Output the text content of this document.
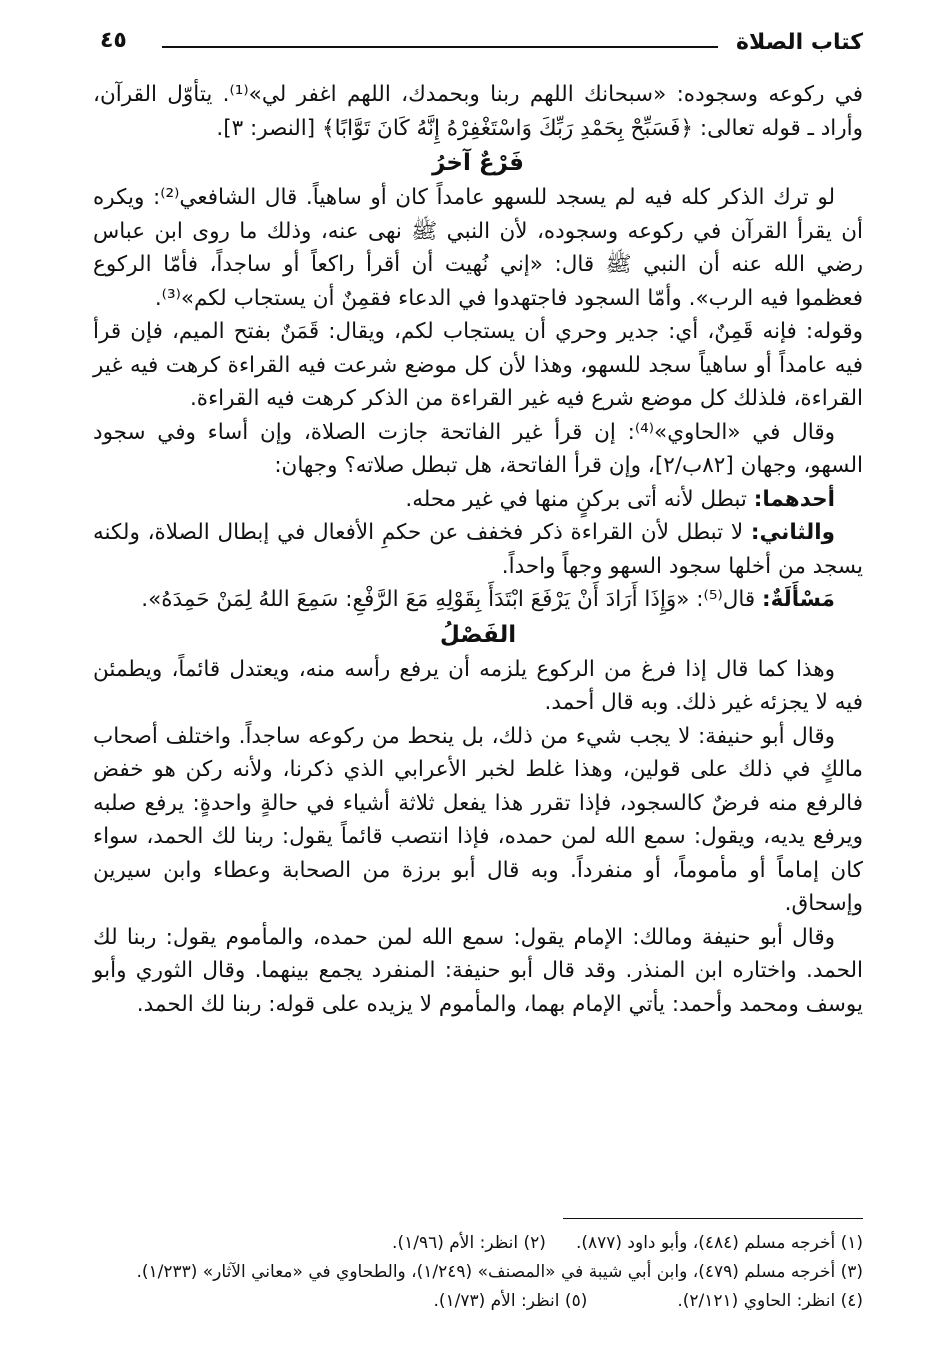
كتاب الصلاة
٤٥

في ركوعه وسجوده: «سبحانك اللهم ربنا وبحمدك، اللهم اغفر لي»⁽¹⁾. يتأوّل القرآن، وأراد ـ قوله تعالى: ﴿فَسَبِّحْ بِحَمْدِ رَبِّكَ وَاسْتَغْفِرْهُ إِنَّهُ كَانَ تَوَّابًا﴾ [النصر: ٣].

فَرْعٌ آخرُ

لو ترك الذكر كله فيه لم يسجد للسهو عامداً كان أو ساهياً. قال الشافعي⁽²⁾: ويكره أن يقرأ القرآن في ركوعه وسجوده، لأن النبي ﷺ نهى عنه، وذلك ما روى ابن عباس رضي الله عنه أن النبي ﷺ قال: «إني نُهيت أن أقرأ راكعاً أو ساجداً، فأمّا الركوع فعظموا فيه الرب». وأمّا السجود فاجتهدوا في الدعاء فقمِنٌ أن يستجاب لكم»⁽³⁾.

وقوله: فإنه قَمِنٌ، أي: جدير وحري أن يستجاب لكم، ويقال: قَمَنٌ بفتح الميم، فإن قرأ فيه عامداً أو ساهياً سجد للسهو، وهذا لأن كل موضع شرعت فيه القراءة كرهت فيه غير القراءة، فلذلك كل موضع شرع فيه غير القراءة من الذكر كرهت فيه القراءة.

وقال في «الحاوي»⁽⁴⁾: إن قرأ غير الفاتحة جازت الصلاة، وإن أساء وفي سجود السهو، وجهان [٨٢ب/٢]، وإن قرأ الفاتحة، هل تبطل صلاته؟ وجهان:

أحدهما: تبطل لأنه أتى بركنٍ منها في غير محله.

والثاني: لا تبطل لأن القراءة ذكر فخفف عن حكمِ الأفعال في إبطال الصلاة، ولكنه يسجد من أخلها سجود السهو وجهاً واحداً.

مَسْأَلَةٌ: قال⁽⁵⁾: «وَإِذَا أَرَادَ أَنْ يَرْفَعَ ابْتَدَأَ بِقَوْلِهِ مَعَ الرَّفْعِ: سَمِعَ اللهُ لِمَنْ حَمِدَهُ».

الفَصْلُ

وهذا كما قال إذا فرغ من الركوع يلزمه أن يرفع رأسه منه، ويعتدل قائماً، ويطمئن فيه لا يجزئه غير ذلك. وبه قال أحمد.

وقال أبو حنيفة: لا يجب شيء من ذلك، بل ينحط من ركوعه ساجداً. واختلف أصحاب مالكٍ في ذلك على قولين، وهذا غلط لخبر الأعرابي الذي ذكرنا، ولأنه ركن هو خفض فالرفع منه فرضٌ كالسجود، فإذا تقرر هذا يفعل ثلاثة أشياء في حالةٍ واحدةٍ: يرفع صلبه ويرفع يديه، ويقول: سمع الله لمن حمده، فإذا انتصب قائماً يقول: ربنا لك الحمد، سواء كان إماماً أو مأموماً، أو منفرداً. وبه قال أبو برزة من الصحابة وعطاء وابن سيرين وإسحاق.

وقال أبو حنيفة ومالك: الإمام يقول: سمع الله لمن حمده، والمأموم يقول: ربنا لك الحمد. واختاره ابن المنذر. وقد قال أبو حنيفة: المنفرد يجمع بينهما. وقال الثوري وأبو يوسف ومحمد وأحمد: يأتي الإمام بهما، والمأموم لا يزيده على قوله: ربنا لك الحمد.

(١) أخرجه مسلم (٤٨٤)، وأبو داود (٨٧٧).(٢) انظر: الأم (١/٩٦).
(٣) أخرجه مسلم (٤٧٩)، وابن أبي شيبة في «المصنف» (١/٢٤٩)، والطحاوي في «معاني الآثار» (١/٢٣٣).
(٤) انظر: الحاوي (٢/١٢١).(٥) انظر: الأم (١/٧٣).
